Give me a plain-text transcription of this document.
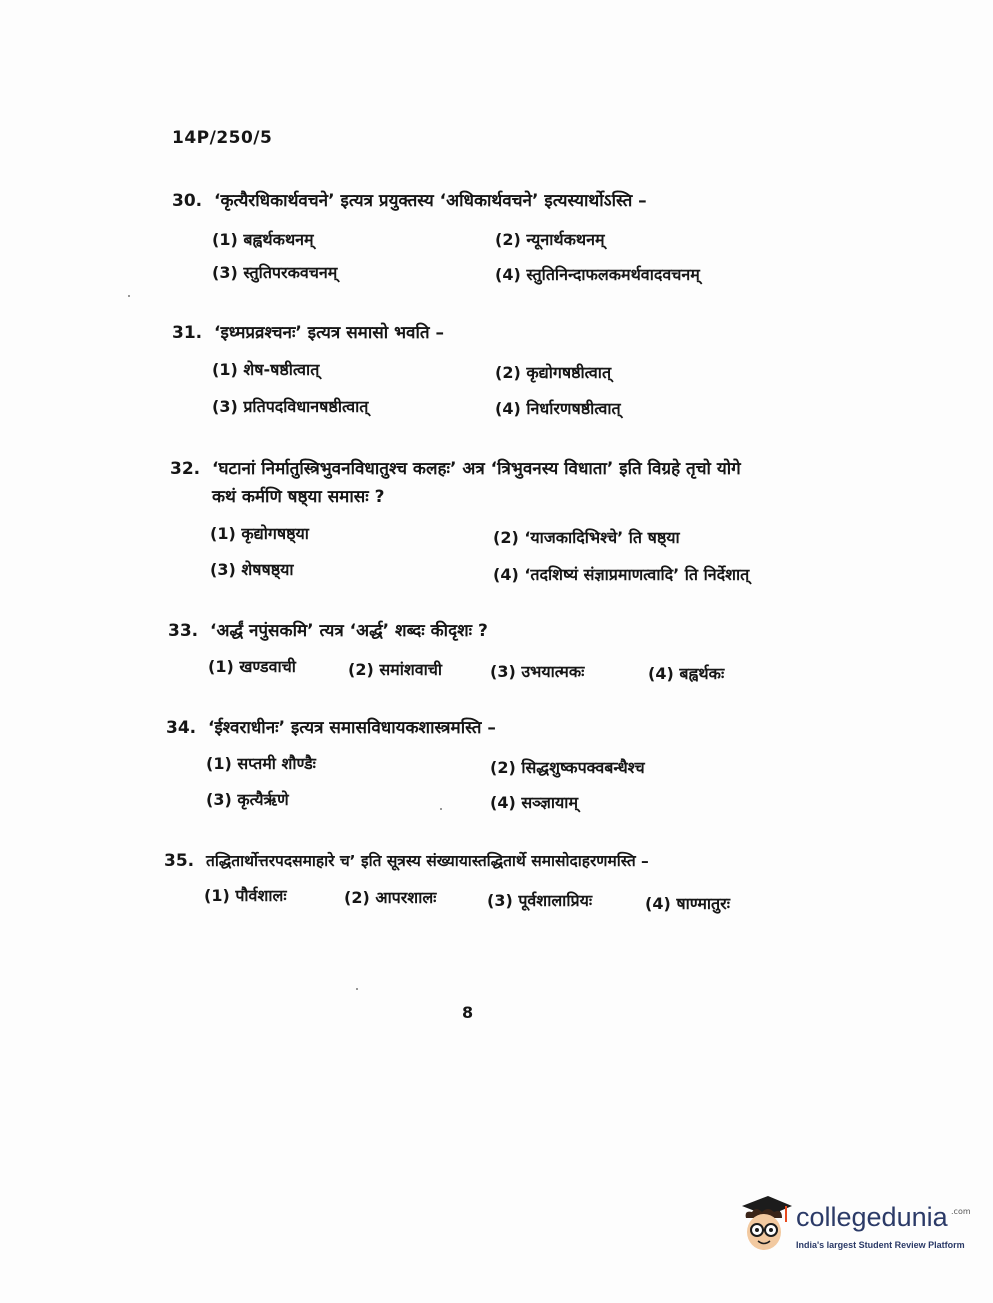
14P/250/5
30. ‘कृत्यैरधिकार्थवचने’ इत्यत्र प्रयुक्तस्य ‘अधिकार्थवचने’ इत्यस्यार्थोऽस्ति –
(1) बह्वर्थकथनम्	(2) न्यूनार्थकथनम्
(3) स्तुतिपरकवचनम्	(4) स्तुतिनिन्दाफलकमर्थवादवचनम्
31. ‘इध्मप्रव्रश्चनः’ इत्यत्र समासो भवति –
(1) शेष-षष्ठीत्वात्	(2) कृद्योगषष्ठीत्वात्
(3) प्रतिपदविधानषष्ठीत्वात्	(4) निर्धारणषष्ठीत्वात्
32. ‘घटानां निर्मातुस्त्रिभुवनविधातुश्च कलहः’ अत्र ‘त्रिभुवनस्य विधाता’ इति विग्रहे तृचो योगे
कथं कर्मणि षष्ठ्या समासः ?
(1) कृद्योगषष्ठ्या	(2) ‘याजकादिभिश्चे’ ति षष्ठ्या
(3) शेषषष्ठ्या	(4) ‘तदशिष्यं संज्ञाप्रमाणत्वादि’ ति निर्देशात्
33. ‘अर्द्धं नपुंसकमि’ त्यत्र ‘अर्द्ध’ शब्दः कीदृशः ?
(1) खण्डवाची	(2) समांशवाची	(3) उभयात्मकः	(4) बह्वर्थकः
34. ‘ईश्वराधीनः’ इत्यत्र समासविधायकशास्त्रमस्ति –
(1) सप्तमी शौण्डैः	(2) सिद्धशुष्कपक्वबन्धैश्च
(3) कृत्यैर्ऋणे	(4) सञ्ज्ञायाम्
35. तद्धितार्थोत्तरपदसमाहारे च’ इति सूत्रस्य संख्यायास्तद्धितार्थे समासोदाहरणमस्ति –
(1) पौर्वशालः	(2) आपरशालः	(3) पूर्वशालाप्रियः	(4) षाण्मातुरः
8
collegedunia .com
India's largest Student Review Platform
